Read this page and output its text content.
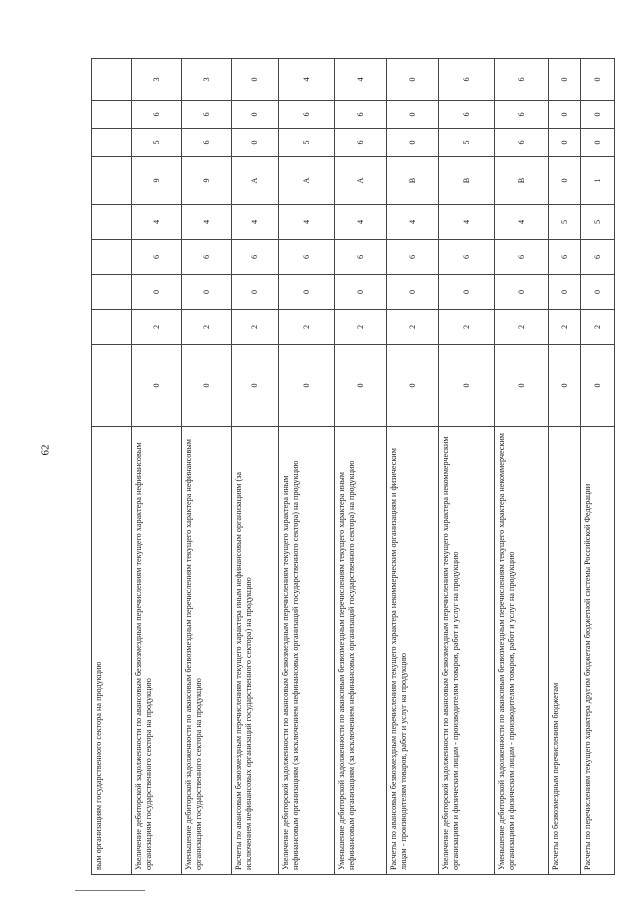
62
вым организациям государственного сектора на продукцию									
Увеличение дебиторской задолженности по авансовым безвозмездным перечислениям текущего характера нефинансовым организациям государственного сектора на продукцию	0	2	0	6	4	9	5	6	3
Уменьшение дебиторской задолженности по авансовым безвозмездным перечислениям текущего характера нефинансовым организациям государственного сектора на продукцию	0	2	0	6	4	9	6	6	3
Расчеты по авансовым безвозмездным перечислениям текущего характера иным нефинансовым организациям (за исключением нефинансовых организаций государственного сектора) на продукцию	0	2	0	6	4	А	0	0	0
Увеличение дебиторской задолженности по авансовым безвозмездным перечислениям текущего характера иным нефинансовым организациям (за исключением нефинансовых организаций государственного сектора) на продукцию	0	2	0	6	4	А	5	6	4
Уменьшение дебиторской задолженности по авансовым безвозмездным перечислениям текущего характера иным нефинансовым организациям (за исключением нефинансовых организаций государственного сектора) на продукцию	0	2	0	6	4	А	6	6	4
Расчеты по авансовым безвозмездным перечислениям текущего характера некоммерческим организациям и физическим лицам - производителям товаров, работ и услуг на продукцию	0	2	0	6	4	В	0	0	0
Увеличение дебиторской задолженности по авансовым безвозмездным перечислениям текущего характера некоммерческим организациям и физическим лицам - производителям товаров, работ и услуг на продукцию	0	2	0	6	4	В	5	6	6
Уменьшение дебиторской задолженности по авансовым безвозмездным перечислениям текущего характера некоммерческим организациям и физическим лицам - производителям товаров, работ и услуг на продукцию	0	2	0	6	4	В	6	6	6
Расчеты по безвозмездным перечислениям бюджетам	0	2	0	6	5	0	0	0	0
Расчеты по перечислениям текущего характера другим бюджетам бюджетной системы Российской Федерации	0	2	0	6	5	1	0	0	0
